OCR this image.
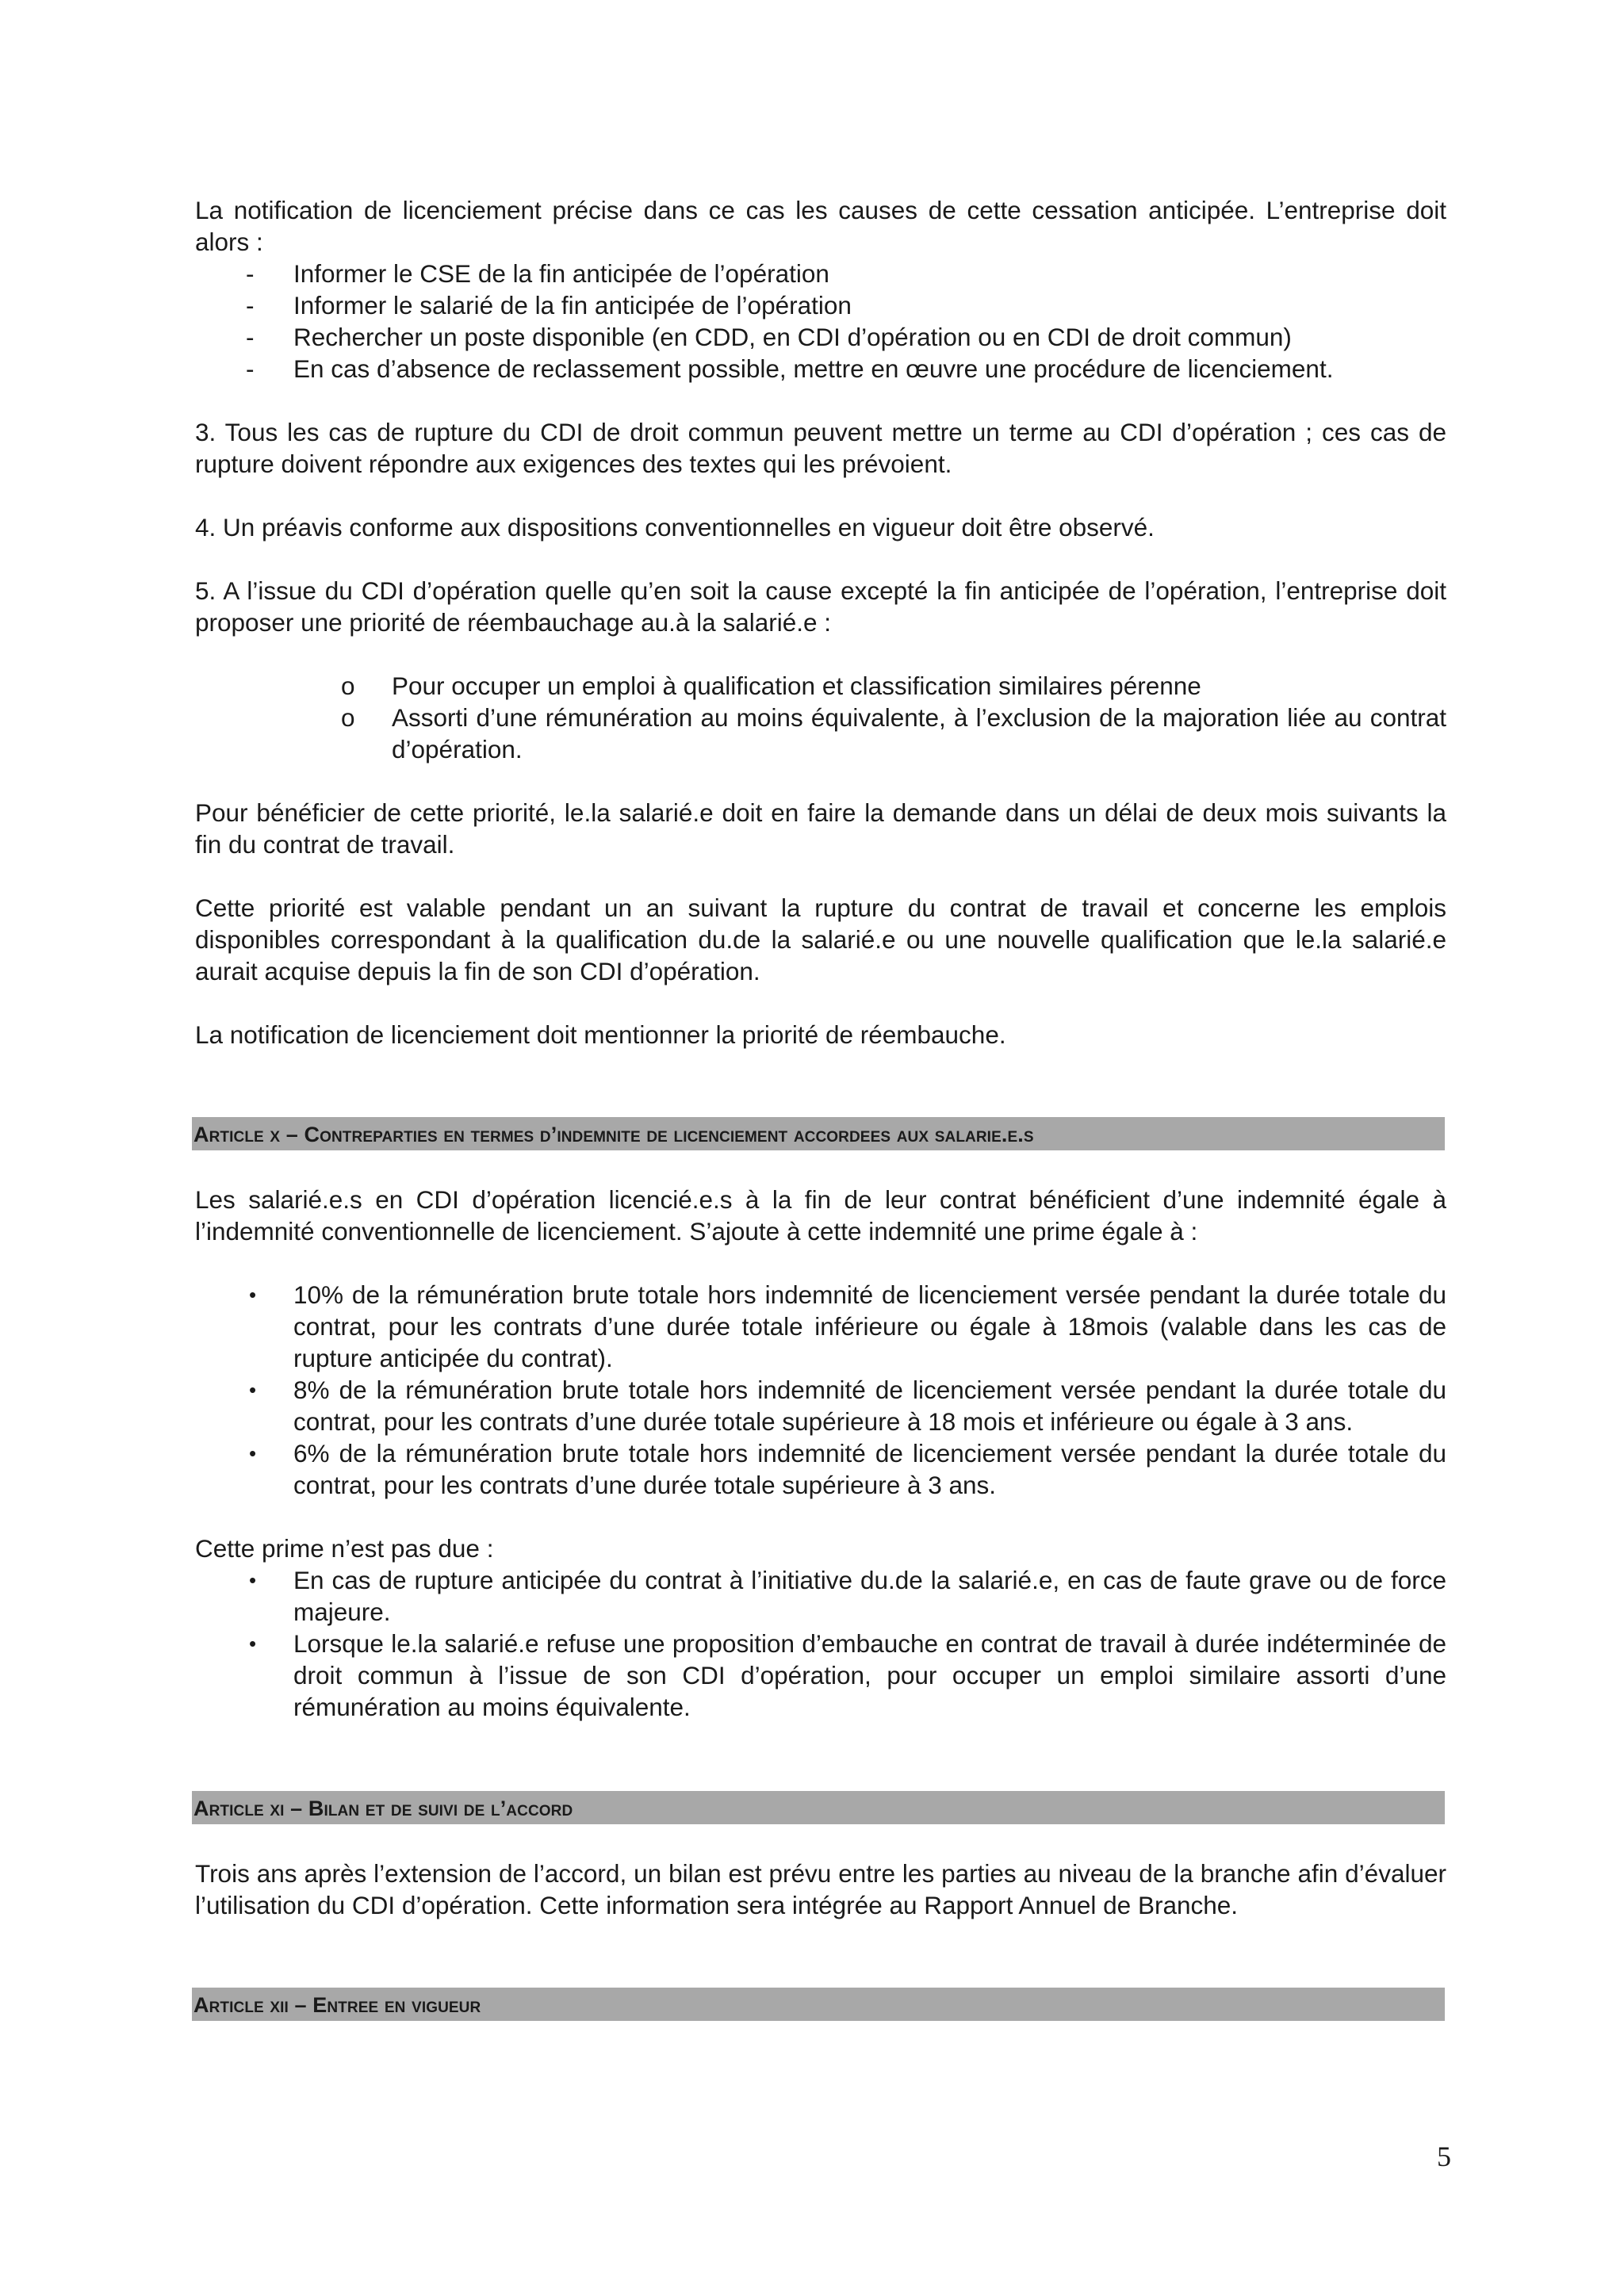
La notification de licenciement précise dans ce cas les causes de cette cessation anticipée. L’entreprise doit alors :

- Informer le CSE de la fin anticipée de l’opération
- Informer le salarié de la fin anticipée de l’opération
- Rechercher un poste disponible (en CDD, en CDI d’opération ou en CDI de droit commun)
- En cas d’absence de reclassement possible, mettre en œuvre une procédure de licenciement.

3. Tous les cas de rupture du CDI de droit commun peuvent mettre un terme au CDI d’opération ; ces cas de rupture doivent répondre aux exigences des textes qui les prévoient.

4. Un préavis conforme aux dispositions conventionnelles en vigueur doit être observé.

5. A l’issue du CDI d’opération quelle qu’en soit la cause excepté la fin anticipée de l’opération, l’entreprise doit proposer une priorité de réembauchage au.à la salarié.e :

o Pour occuper un emploi à qualification et classification similaires pérenne
o Assorti d’une rémunération au moins équivalente, à l’exclusion de la majoration liée au contrat d’opération.

Pour bénéficier de cette priorité, le.la salarié.e doit en faire la demande dans un délai de deux mois suivants la fin du contrat de travail.

Cette priorité est valable pendant un an suivant la rupture du contrat de travail et concerne les emplois disponibles correspondant à la qualification du.de la salarié.e ou une nouvelle qualification que le.la salarié.e aurait acquise depuis la fin de son CDI d’opération.

La notification de licenciement doit mentionner la priorité de réembauche.

Article x – Contreparties en termes d’indemnite de licenciement accordees aux salarie.e.s

Les salarié.e.s en CDI d’opération licencié.e.s à la fin de leur contrat bénéficient d’une indemnité égale à l’indemnité conventionnelle de licenciement. S’ajoute à cette indemnité une prime égale à :

• 10% de la rémunération brute totale hors indemnité de licenciement versée pendant la durée totale du contrat, pour les contrats d’une durée totale inférieure ou égale à 18mois (valable dans les cas de rupture anticipée du contrat).
• 8% de la rémunération brute totale hors indemnité de licenciement versée pendant la durée totale du contrat, pour les contrats d’une durée totale supérieure à 18 mois et inférieure ou égale à 3 ans.
• 6% de la rémunération brute totale hors indemnité de licenciement versée pendant la durée totale du contrat, pour les contrats d’une durée totale supérieure à 3 ans.

Cette prime n’est pas due :

• En cas de rupture anticipée du contrat à l’initiative du.de la salarié.e, en cas de faute grave ou de force majeure.
• Lorsque le.la salarié.e refuse une proposition d’embauche en contrat de travail à durée indéterminée de droit commun à l’issue de son CDI d’opération, pour occuper un emploi similaire assorti d’une rémunération au moins équivalente.
Article xi – Bilan et de suivi de l’accord

Trois ans après l’extension de l’accord, un bilan est prévu entre les parties au niveau de la branche afin d’évaluer l’utilisation du CDI d’opération. Cette information sera intégrée au Rapport Annuel de Branche.

Article xii – Entree en vigueur
5
